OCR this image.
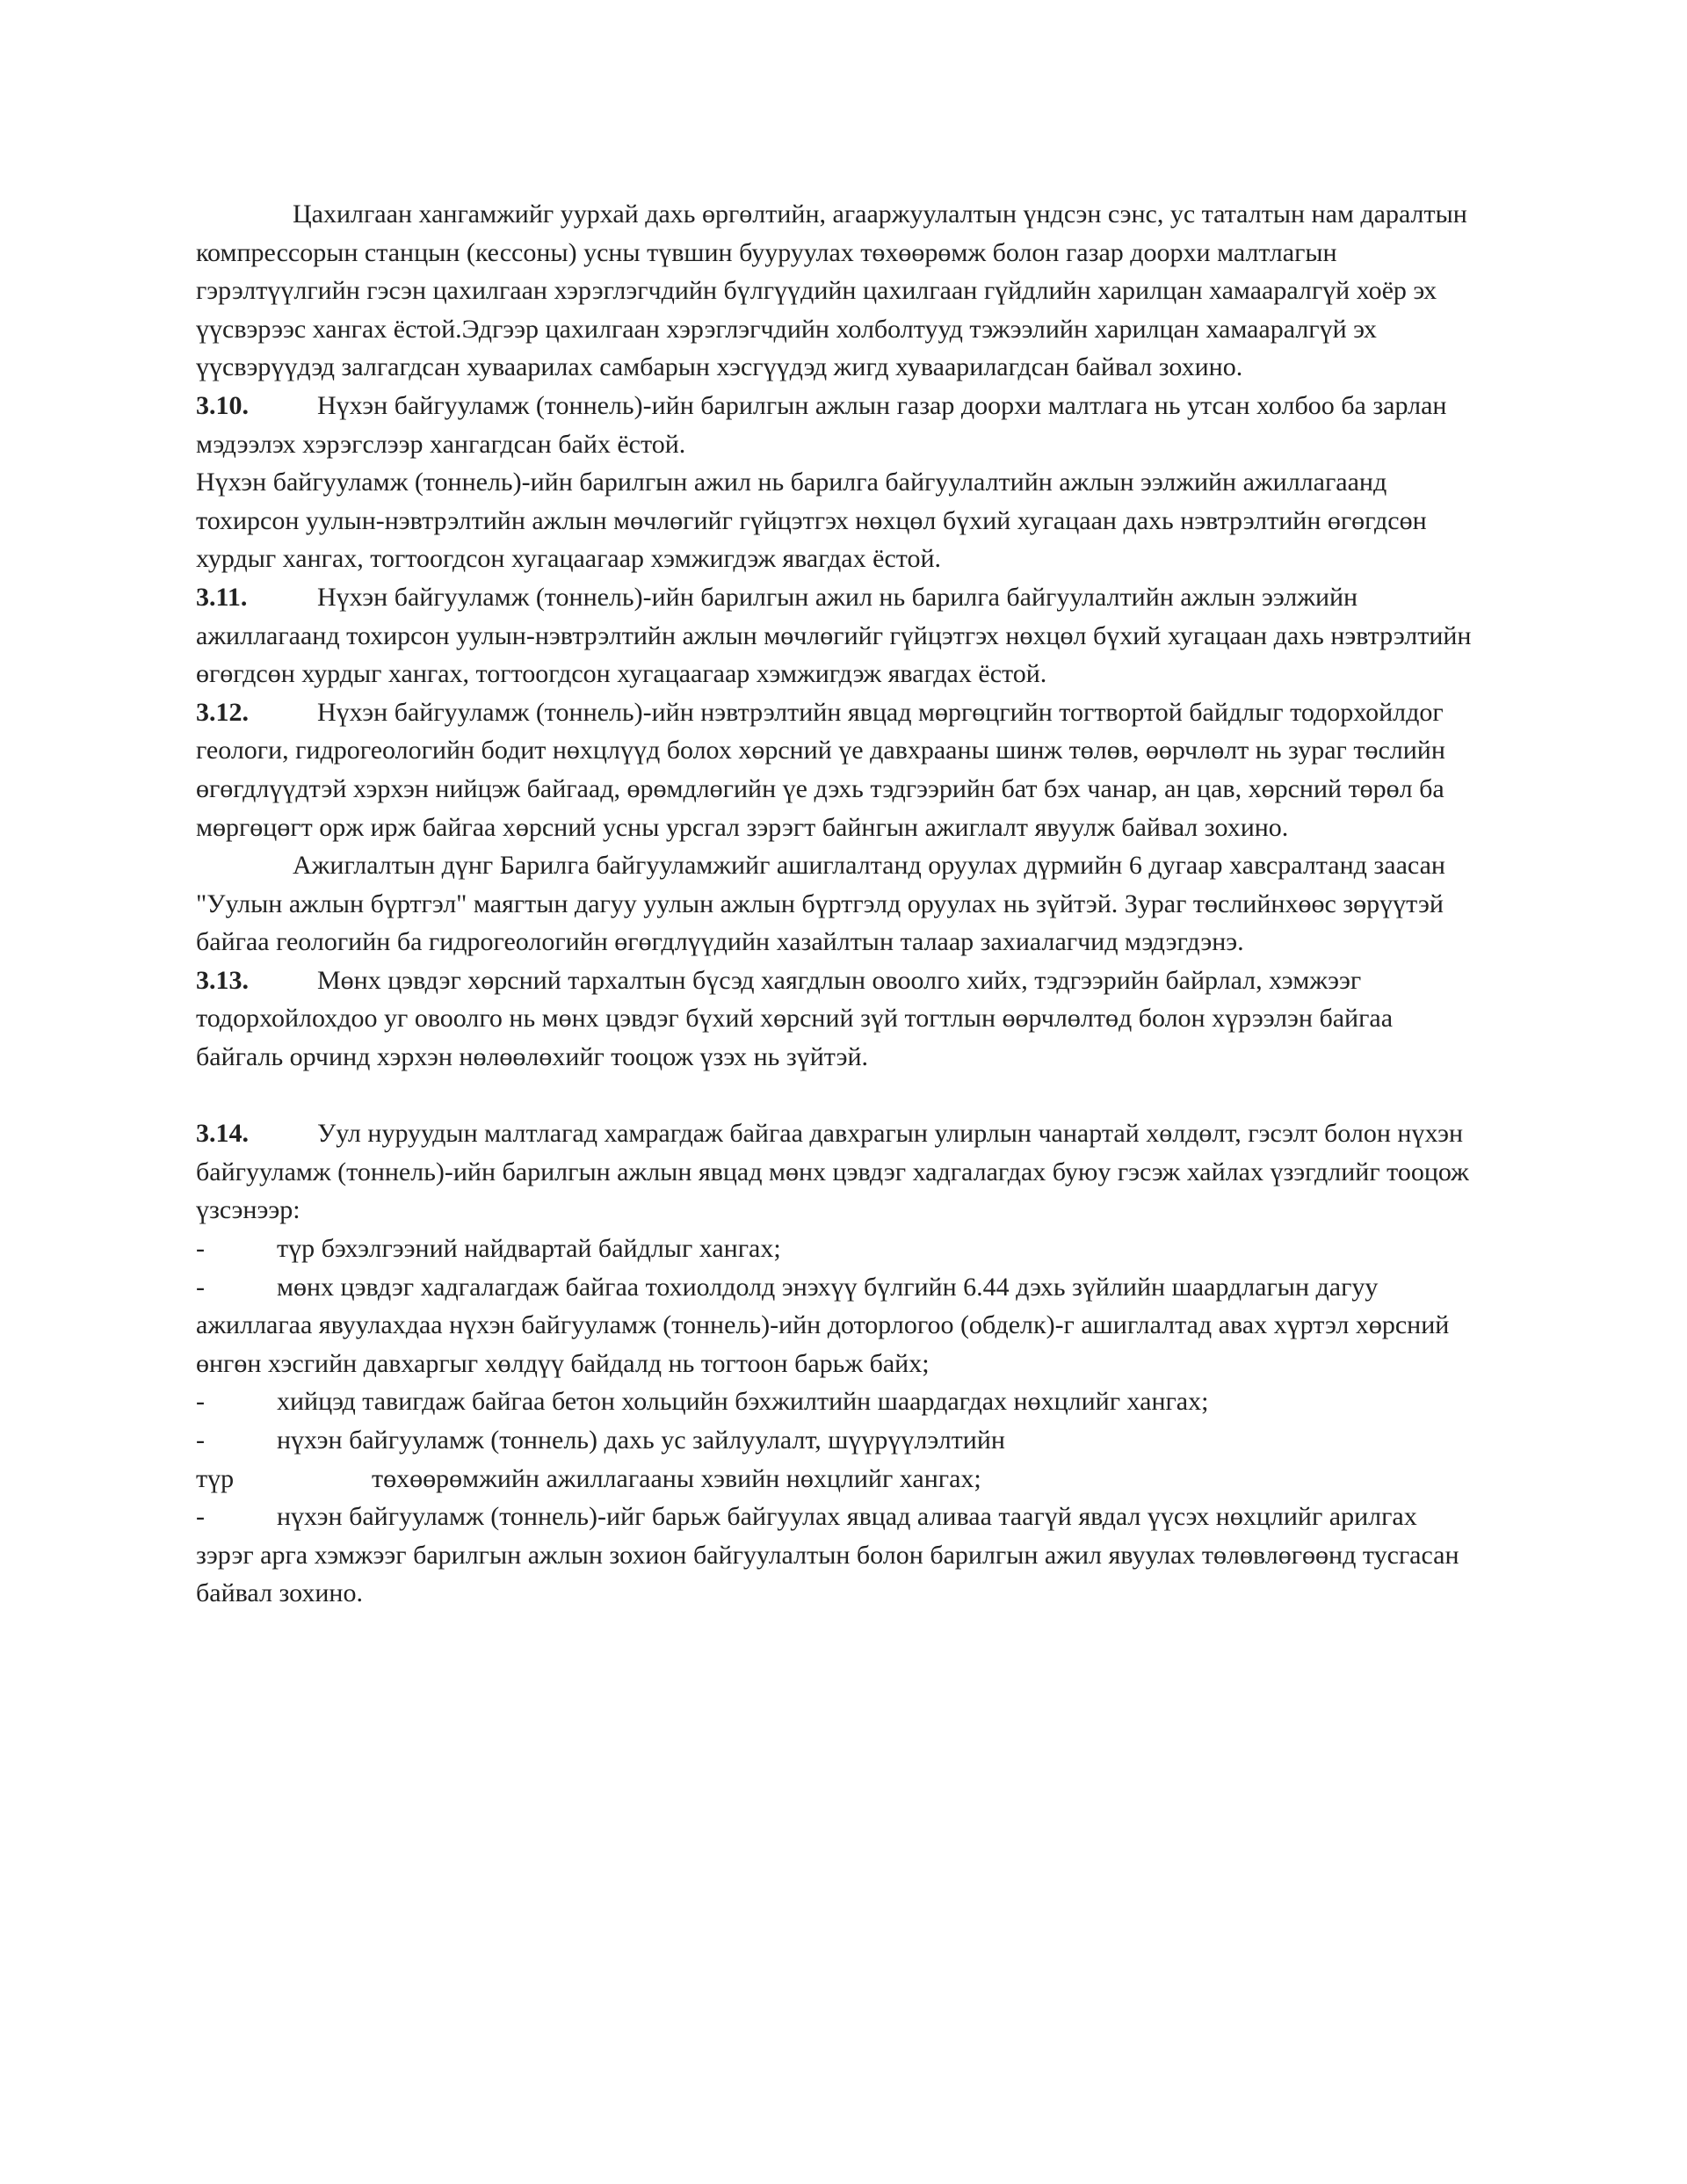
Цахилгаан хангамжийг уурхай дахь өргөлтийн, агааржуулалтын үндсэн сэнс, ус таталтын нам даралтын компрессорын станцын (кессоны) усны түвшин бууруулах төхөөрөмж болон газар доорхи малтлагын гэрэлтүүлгийн гэсэн цахилгаан хэрэглэгчдийн бүлгүүдийн цахилгаан гүйдлийн харилцан хамааралгүй хоёр эх үүсвэрээс хангах ёстой.Эдгээр цахилгаан хэрэглэгчдийн холболтууд тэжээлийн харилцан хамааралгүй эх үүсвэрүүдэд залгагдсан хуваарилах самбарын хэсгүүдэд жигд хуваарилагдсан байвал зохино.

3.10.	Нүхэн байгууламж (тоннель)-ийн барилгын ажлын газар доорхи малтлага нь утсан холбоо ба зарлан мэдээлэх хэрэгслээр хангагдсан байх ёстой.

Нүхэн байгууламж (тоннель)-ийн барилгын ажил нь барилга байгуулалтийн ажлын ээлжийн ажиллагаанд тохирсон уулын-нэвтрэлтийн ажлын мөчлөгийг гүйцэтгэх нөхцөл бүхий хугацаан дахь нэвтрэлтийн өгөгдсөн хурдыг хангах, тогтоогдсон хугацаагаар хэмжигдэж явагдах ёстой.

3.11.	Нүхэн байгууламж (тоннель)-ийн барилгын ажил нь барилга байгуулалтийн ажлын ээлжийн ажиллагаанд тохирсон уулын-нэвтрэлтийн ажлын мөчлөгийг гүйцэтгэх нөхцөл бүхий хугацаан дахь нэвтрэлтийн өгөгдсөн хурдыг хангах, тогтоогдсон хугацаагаар хэмжигдэж явагдах ёстой.

3.12.	Нүхэн байгууламж (тоннель)-ийн нэвтрэлтийн явцад мөргөцгийн тогтвортой байдлыг тодорхойлдог геологи, гидрогеологийн бодит нөхцлүүд болох хөрсний үе давхрааны шинж төлөв, өөрчлөлт нь зураг төслийн өгөгдлүүдтэй хэрхэн нийцэж байгаад, өрөмдлөгийн үе дэхь тэдгээрийн бат бэх чанар, ан цав, хөрсний төрөл ба мөргөцөгт орж ирж байгаа хөрсний усны урсгал зэрэгт байнгын ажиглалт явуулж байвал зохино.

Ажиглалтын дүнг Барилга байгууламжийг ашиглалтанд оруулах дүрмийн 6 дугаар хавсралтанд заасан "Уулын ажлын бүртгэл" маягтын дагуу уулын ажлын бүртгэлд оруулах нь зүйтэй. Зураг төслийнхөөс зөрүүтэй байгаа геологийн ба гидрогеологийн өгөгдлүүдийн хазайлтын талаар захиалагчид мэдэгдэнэ.

3.13.	Мөнх цэвдэг хөрсний тархалтын бүсэд хаягдлын овоолго хийх, тэдгээрийн байрлал, хэмжээг тодорхойлохдоо уг овоолго нь мөнх цэвдэг бүхий хөрсний зүй тогтлын өөрчлөлтөд болон хүрээлэн байгаа байгаль орчинд хэрхэн нөлөөлөхийг тооцож үзэх нь зүйтэй.

3.14.	Уул нуруудын малтлагад хамрагдаж байгаа давхрагын улирлын чанартай хөлдөлт, гэсэлт болон нүхэн байгууламж (тоннель)-ийн барилгын ажлын явцад мөнх цэвдэг хадгалагдах буюу гэсэж хайлах үзэгдлийг тооцож үзсэнээр:

-	түр бэхэлгээний найдвартай байдлыг хангах;

-	мөнх цэвдэг хадгалагдаж байгаа тохиолдолд энэхүү бүлгийн 6.44 дэхь зүйлийн шаардлагын дагуу ажиллагаа явуулахдаа нүхэн байгууламж (тоннель)-ийн доторлогоо (обделк)-г ашиглалтад авах хүртэл хөрсний өнгөн хэсгийн давхаргыг хөлдүү байдалд нь тогтоон барьж байх;

-	хийцэд тавигдаж байгаа бетон хольцийн бэхжилтийн шаардагдах нөхцлийг хангах;

-	нүхэн байгууламж (тоннель) дахь ус зайлуулалт, шүүрүүлэлтийн

түр	төхөөрөмжийн ажиллагааны хэвийн нөхцлийг хангах;

-	нүхэн байгууламж (тоннель)-ийг барьж байгуулах явцад аливаа таагүй явдал үүсэх нөхцлийг арилгах зэрэг арга хэмжээг барилгын ажлын зохион байгуулалтын болон барилгын ажил явуулах төлөвлөгөөнд тусгасан байвал зохино.
